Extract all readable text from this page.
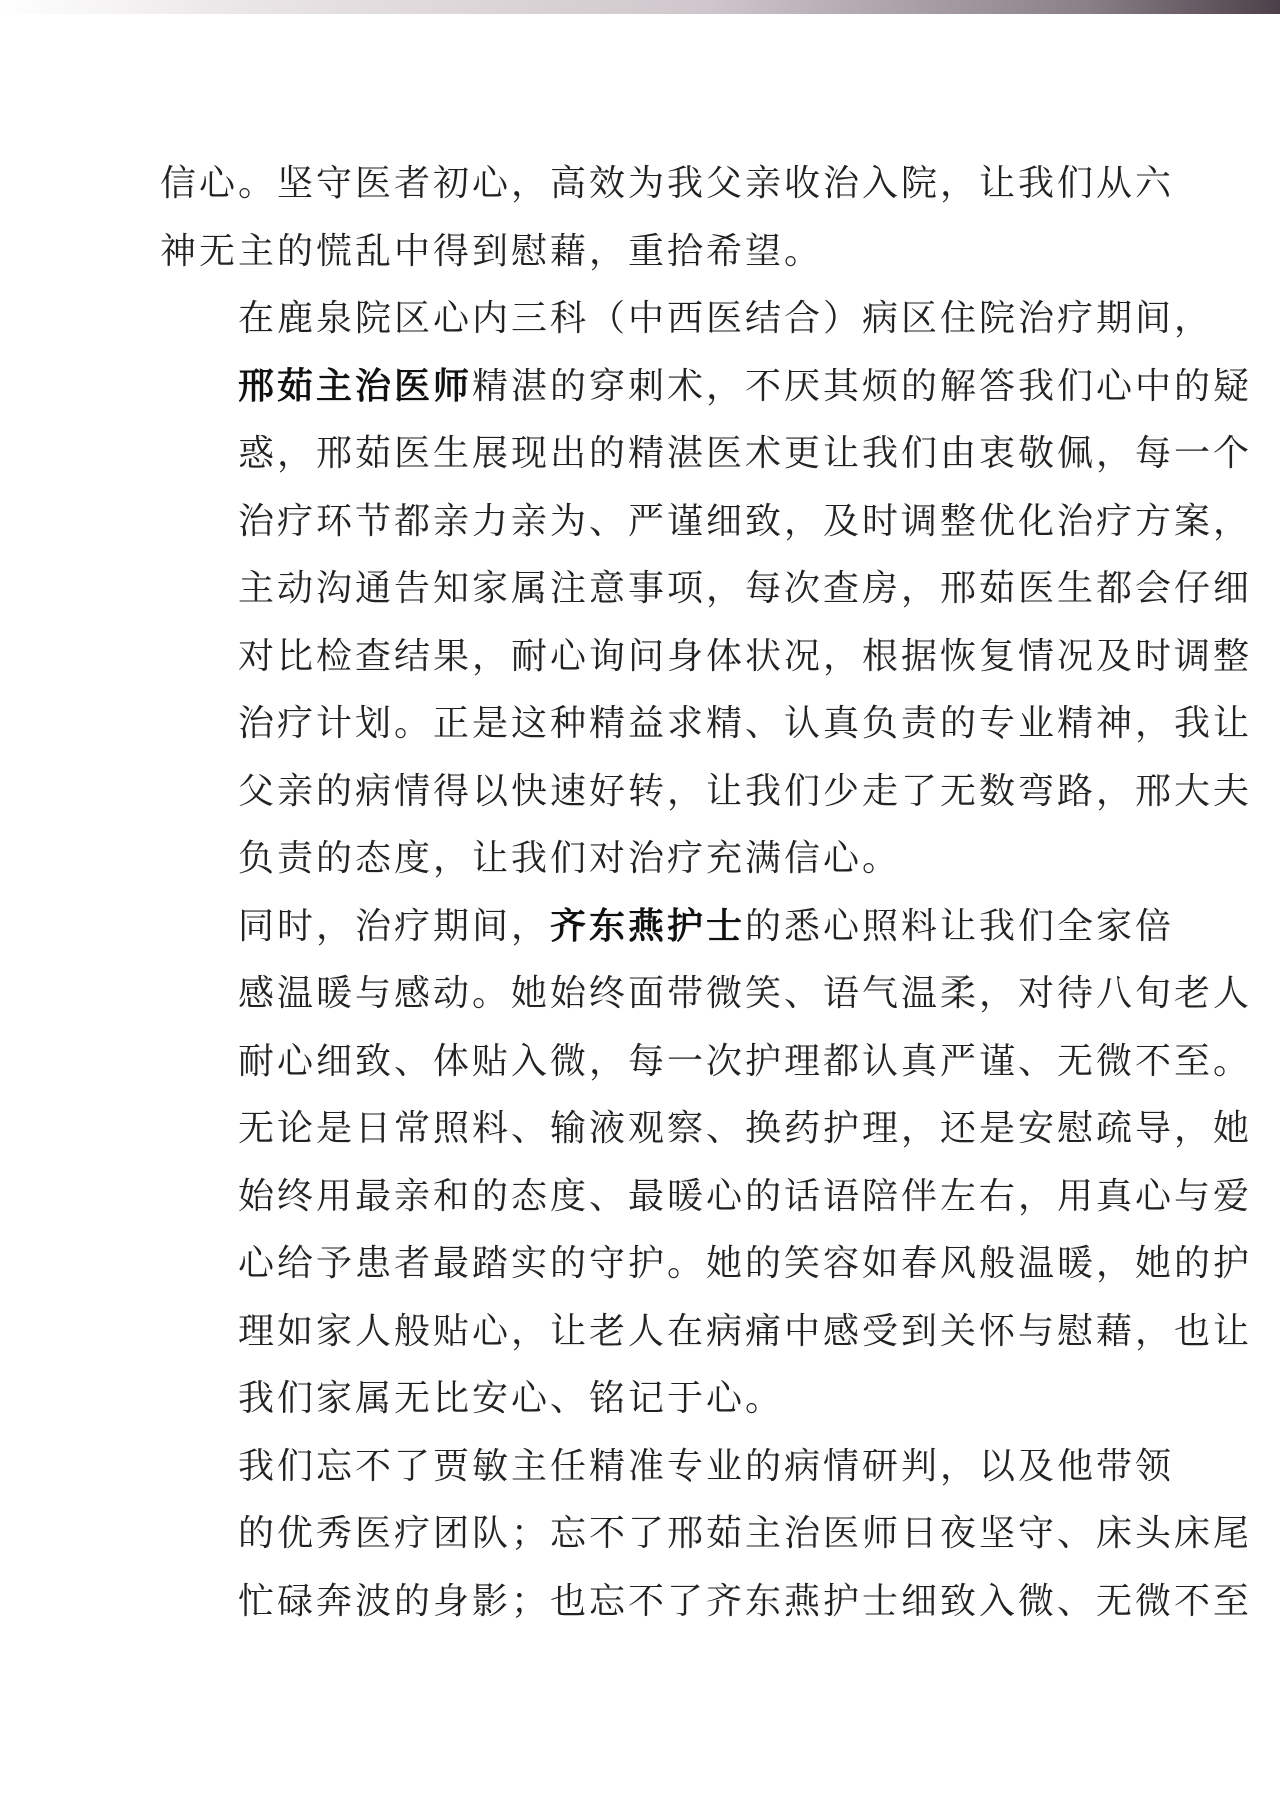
信心。坚守医者初心，高效为我父亲收治入院，让我们从六
神无主的慌乱中得到慰藉，重拾希望。

在鹿泉院区心内三科（中西医结合）病区住院治疗期间，
邢茹主治医师精湛的穿刺术，不厌其烦的解答我们心中的疑
惑，邢茹医生展现出的精湛医术更让我们由衷敬佩，每一个
治疗环节都亲力亲为、严谨细致，及时调整优化治疗方案，
主动沟通告知家属注意事项，每次查房，邢茹医生都会仔细
对比检查结果，耐心询问身体状况，根据恢复情况及时调整
治疗计划。正是这种精益求精、认真负责的专业精神，我让
父亲的病情得以快速好转，让我们少走了无数弯路，邢大夫
负责的态度，让我们对治疗充满信心。

同时，治疗期间，齐东燕护士的悉心照料让我们全家倍
感温暖与感动。她始终面带微笑、语气温柔，对待八旬老人
耐心细致、体贴入微，每一次护理都认真严谨、无微不至。
无论是日常照料、输液观察、换药护理，还是安慰疏导，她
始终用最亲和的态度、最暖心的话语陪伴左右，用真心与爱
心给予患者最踏实的守护。她的笑容如春风般温暖，她的护
理如家人般贴心，让老人在病痛中感受到关怀与慰藉，也让
我们家属无比安心、铭记于心。

我们忘不了贾敏主任精准专业的病情研判，以及他带领
的优秀医疗团队；忘不了邢茹主治医师日夜坚守、床头床尾
忙碌奔波的身影；也忘不了齐东燕护士细致入微、无微不至
